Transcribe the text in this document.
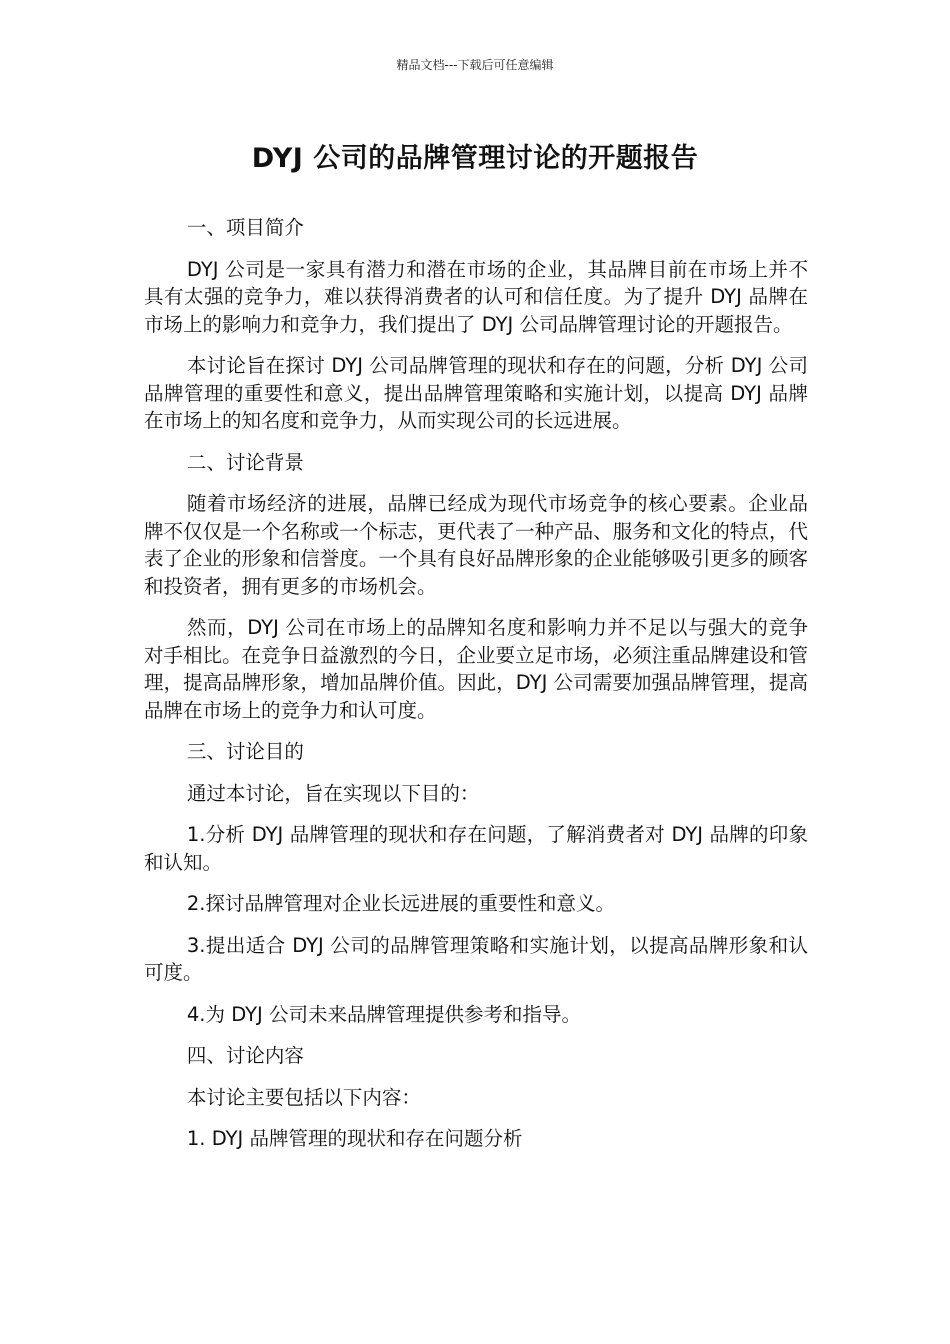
精品文档---下载后可任意编辑
DYJ 公司的品牌管理讨论的开题报告

一、项目简介

DYJ 公司是一家具有潜力和潜在市场的企业，其品牌目前在市场上并不具有太强的竞争力，难以获得消费者的认可和信任度。为了提升 DYJ 品牌在市场上的影响力和竞争力，我们提出了 DYJ 公司品牌管理讨论的开题报告。

本讨论旨在探讨 DYJ 公司品牌管理的现状和存在的问题，分析 DYJ 公司品牌管理的重要性和意义，提出品牌管理策略和实施计划，以提高 DYJ 品牌在市场上的知名度和竞争力，从而实现公司的长远进展。

二、讨论背景

随着市场经济的进展，品牌已经成为现代市场竞争的核心要素。企业品牌不仅仅是一个名称或一个标志，更代表了一种产品、服务和文化的特点，代表了企业的形象和信誉度。一个具有良好品牌形象的企业能够吸引更多的顾客和投资者，拥有更多的市场机会。

然而，DYJ 公司在市场上的品牌知名度和影响力并不足以与强大的竞争对手相比。在竞争日益激烈的今日，企业要立足市场，必须注重品牌建设和管理，提高品牌形象，增加品牌价值。因此，DYJ 公司需要加强品牌管理，提高品牌在市场上的竞争力和认可度。

三、讨论目的

通过本讨论，旨在实现以下目的：

1.分析 DYJ 品牌管理的现状和存在问题，了解消费者对 DYJ 品牌的印象和认知。

2.探讨品牌管理对企业长远进展的重要性和意义。

3.提出适合 DYJ 公司的品牌管理策略和实施计划，以提高品牌形象和认可度。

4.为 DYJ 公司未来品牌管理提供参考和指导。

四、讨论内容

本讨论主要包括以下内容：

1. DYJ 品牌管理的现状和存在问题分析
